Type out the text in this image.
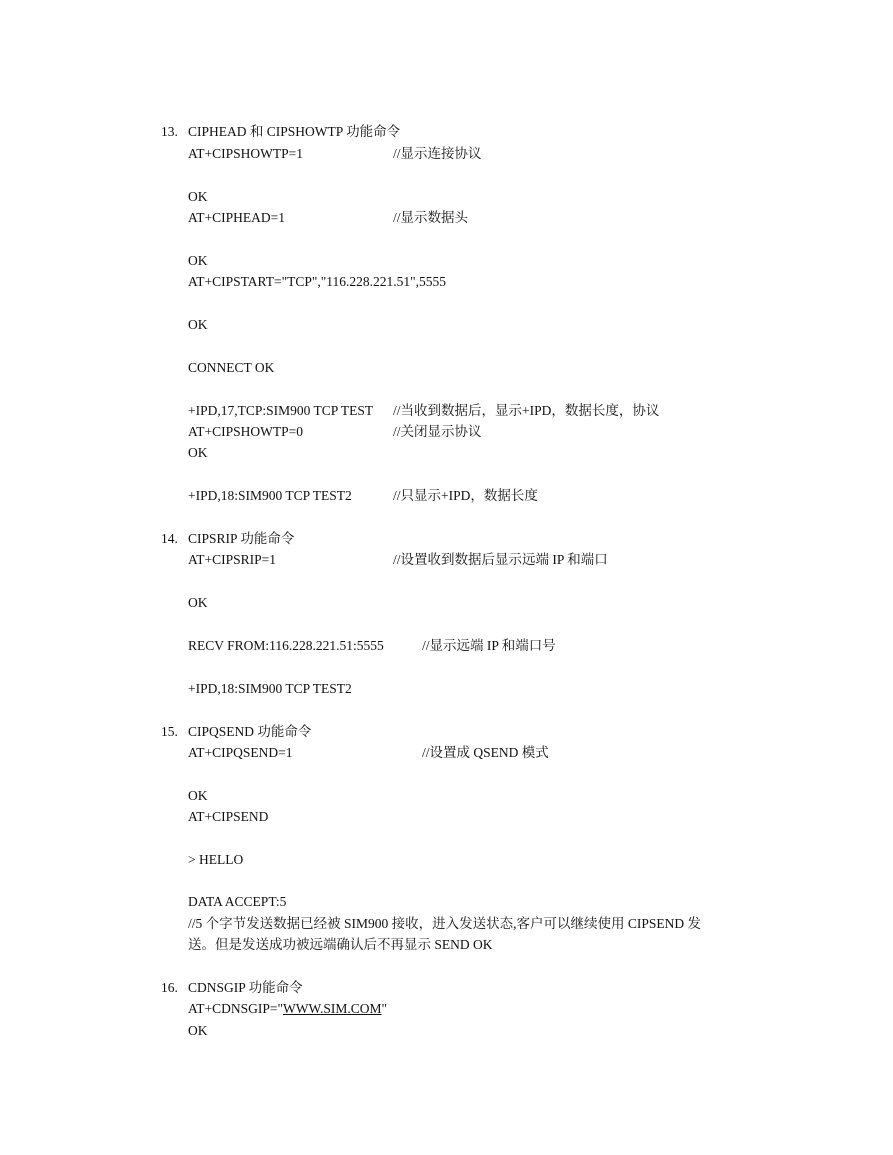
13. CIPHEAD 和 CIPSHOWTP 功能命令
AT+CIPSHOWTP=1	//显示连接协议
OK
AT+CIPHEAD=1	//显示数据头
OK
AT+CIPSTART="TCP","116.228.221.51",5555
OK
CONNECT OK
+IPD,17,TCP:SIM900 TCP TEST //当收到数据后，显示+IPD，数据长度，协议
AT+CIPSHOWTP=0	//关闭显示协议
OK
+IPD,18:SIM900 TCP TEST2	//只显示+IPD，数据长度
14. CIPSRIP 功能命令
AT+CIPSRIP=1	//设置收到数据后显示远端 IP 和端口
OK
RECV FROM:116.228.221.51:5555	//显示远端 IP 和端口号
+IPD,18:SIM900 TCP TEST2
15. CIPQSEND 功能命令
AT+CIPQSEND=1	//设置成 QSEND 模式
OK
AT+CIPSEND
> HELLO
DATA ACCEPT:5
//5 个字节发送数据已经被 SIM900 接收，进入发送状态,客户可以继续使用 CIPSEND 发
送。但是发送成功被远端确认后不再显示 SEND OK
16. CDNSGIP 功能命令
AT+CDNSGIP="WWW.SIM.COM"
OK
